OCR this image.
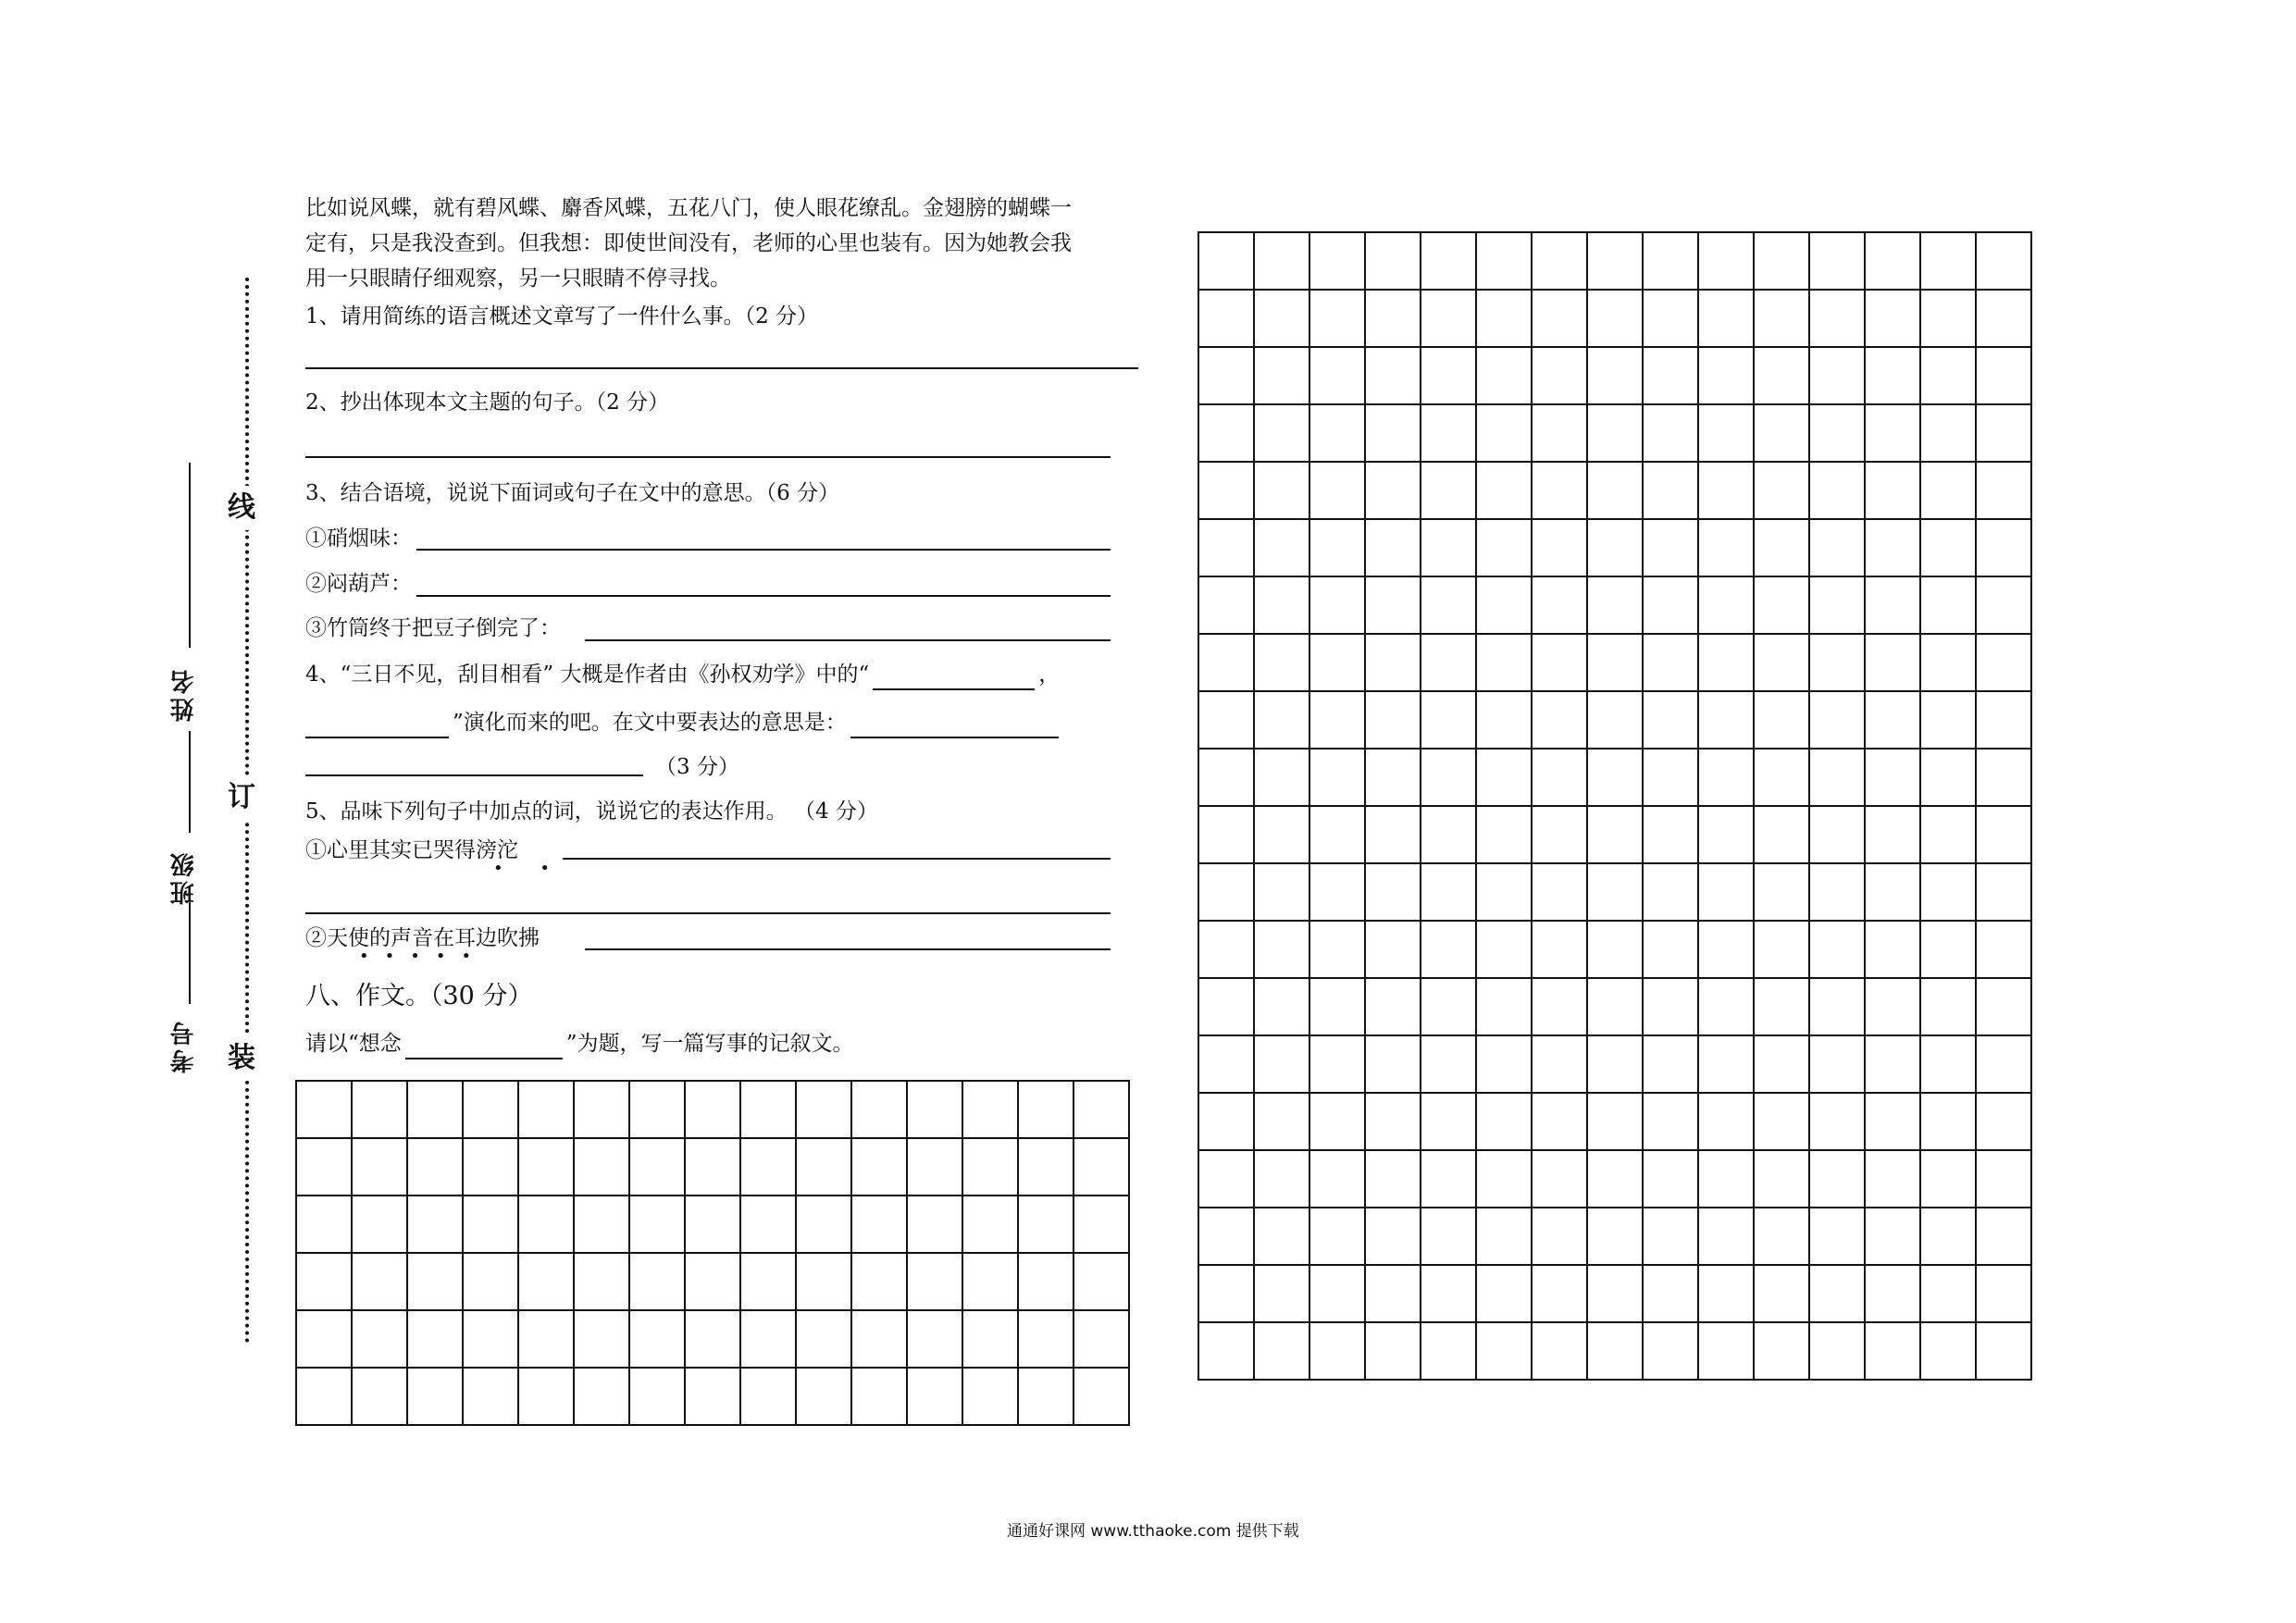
线
订
装
姓名
班级
考号
比如说风蝶，就有碧风蝶、麝香风蝶，五花八门，使人眼花缭乱。金翅膀的蝴蝶一
定有，只是我没查到。但我想：即使世间没有，老师的心里也装有。因为她教会我
用一只眼睛仔细观察，另一只眼睛不停寻找。
1、请用简练的语言概述文章写了一件什么事。（2 分）
2、抄出体现本文主题的句子。（2 分）
3、结合语境，说说下面词或句子在文中的意思。（6 分）
①硝烟味：
②闷葫芦：
③竹筒终于把豆子倒完了：
4、“三日不见，刮目相看” 大概是作者由《孙权劝学》中的“	，
”演化而来的吧。在文中要表达的意思是：
（3 分）
5、品味下列句子中加点的词，说说它的表达作用。 （4 分）
①心里其实已哭得滂沱
• •
②天使的声音在耳边吹拂
•••••
八、作文。（30 分）
请以“想念	”为题，写一篇写事的记叙文。

通通好课网 www.tthaoke.com 提供下载
